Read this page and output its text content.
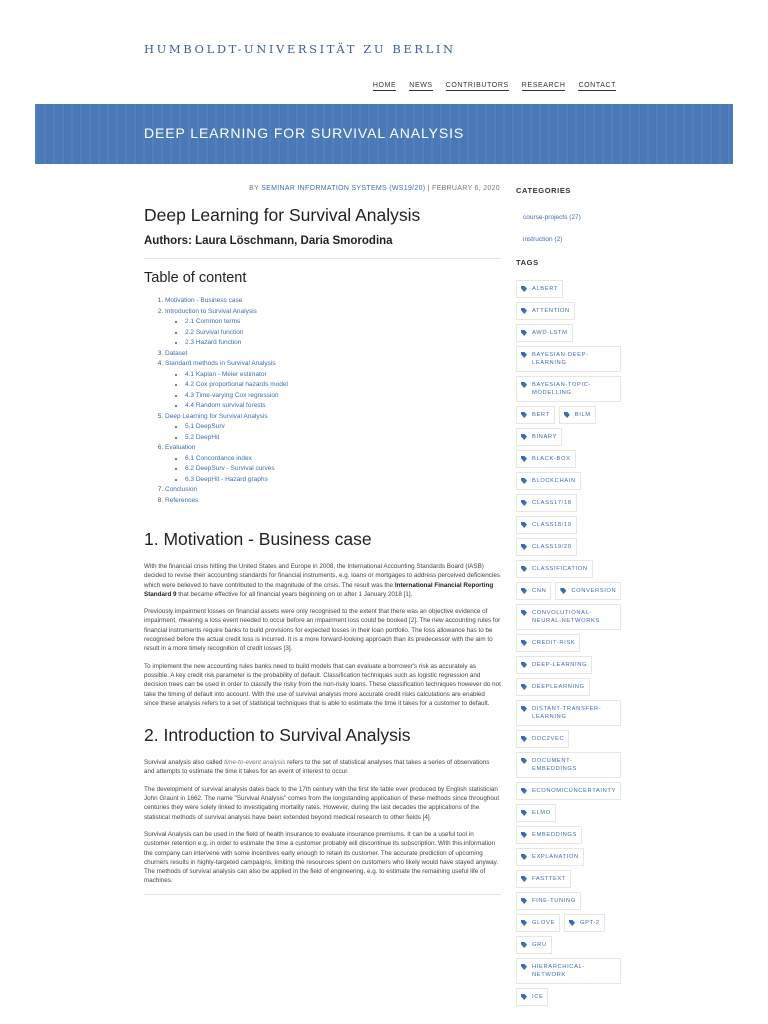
HUMBOLDT-UNIVERSITÄT ZU BERLIN
HOME NEWS CONTRIBUTORS RESEARCH CONTACT
DEEP LEARNING FOR SURVIVAL ANALYSIS
BY SEMINAR INFORMATION SYSTEMS (WS19/20) | FEBRUARY 6, 2020
Deep Learning for Survival Analysis
Authors: Laura Löschmann, Daria Smorodina
Table of content
1. Motivation - Business case
2. Introduction to Survival Analysis
• 2.1 Common terms
• 2.2 Survival function
• 2.3 Hazard function
3. Dataset
4. Standard methods in Survival Analysis
• 4.1 Kaplan - Meier estimator
• 4.2 Cox proportional hazards model
• 4.3 Time-varying Cox regression
• 4.4 Random survival forests
5. Deep Learning for Survival Analysis
• 5.1 DeepSurv
• 5.2 DeepHit
6. Evaluation
• 6.1 Concordance index
• 6.2 DeepSurv - Survival curves
• 6.3 DeepHit - Hazard graphs
7. Conclusion
8. References
1. Motivation - Business case

With the financial crisis hitting the United States and Europe in 2008, the International Accounting Standards Board (IASB) decided to revise their accounting standards for financial instruments, e.g. loans or mortgages to address perceived deficiencies which were believed to have contributed to the magnitude of the crisis. The result was the International Financial Reporting Standard 9 that became effective for all financial years beginning on or after 1 January 2018 [1].

Previously impairment losses on financial assets were only recognised to the extent that there was an objective evidence of impairment, meaning a loss event needed to occur before an impairment loss could be booked [2]. The new accounting rules for financial instruments require banks to build provisions for expected losses in their loan portfolio. The loss allowance has to be recognised before the actual credit loss is incurred. It is a more forward-looking approach than its predecessor with the aim to result in a more timely recognition of credit losses [3].

To implement the new accounting rules banks need to build models that can evaluate a borrower's risk as accurately as possible. A key credit risk parameter is the probability of default. Classification techniques such as logistic regression and decision trees can be used in order to classify the risky from the non-risky loans. These classification techniques however do not take the timing of default into account. With the use of survival analysis more accurate credit risks calculations are enabled since these analysis refers to a set of statistical techniques that is able to estimate the time it takes for a customer to default.

2. Introduction to Survival Analysis

Survival analysis also called time-to-event analysis refers to the set of statistical analyses that takes a series of observations and attempts to estimate the time it takes for an event of interest to occur.

The development of survival analysis dates back to the 17th century with the first life table ever produced by English statistician John Graunt in 1662. The name "Survival Analysis" comes from the longstanding application of these methods since throughout centuries they were solely linked to investigating mortality rates. However, during the last decades the applications of the statistical methods of survival analysis have been extended beyond medical research to other fields [4].

Survival Analysis can be used in the field of health insurance to evaluate insurance premiums. It can be a useful tool in customer retention e.g. in order to estimate the time a customer probably will discontinue its subscription. With this information the company can intervene with some incentives early enough to retain its customer. The accurate prediction of upcoming churners results in highly-targeted campaigns, limiting the resources spent on customers who likely would have stayed anyway. The methods of survival analysis can also be applied in the field of engineering, e.g. to estimate the remaining useful life of machines.

CATEGORIES
course-projects (27)
instruction (2)
TAGS
ALBERT
ATTENTION
AWD-LSTM
BAYESIAN-DEEP-LEARNING
BAYESIAN-TOPIC-MODELLING
BERT	BILM
BINARY
BLACK-BOX
BLOCKCHAIN
CLASS17/18
CLASS18/19
CLASS19/20
CLASSIFICATION
CNN	CONVERSION
CONVOLUTIONAL-NEURAL-NETWORKS
CREDIT-RISK
DEEP-LEARNING
DEEPLEARNING
DISTANT-TRANSFER-LEARNING
DOC2VEC
DOCUMENT-EMBEDDINGS
ECONOMICUNCERTAINTY
ELMO
EMBEDDINGS
EXPLANATION
FASTTEXT
FINE-TUNING
GLOVE	GPT-2
GRU
HIERARCHICAL-NETWORK
ICE
